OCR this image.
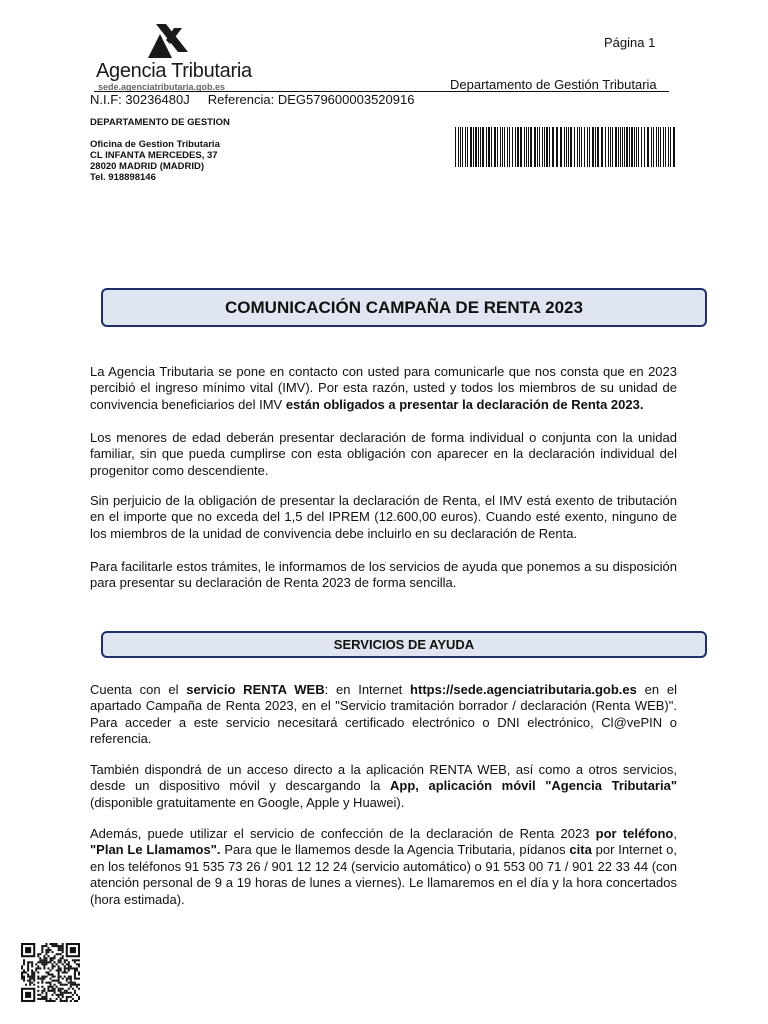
Agencia Tributaria
sede.agenciatributaria.gob.es
Página 1
Departamento de Gestión Tributaria
N.I.F: 30236480J Referencia: DEG579600003520916
DEPARTAMENTO DE GESTION
Oficina de Gestion Tributaria
CL INFANTA MERCEDES, 37
28020 MADRID (MADRID)
Tel. 918898146
COMUNICACIÓN CAMPAÑA DE RENTA 2023

La Agencia Tributaria se pone en contacto con usted para comunicarle que nos consta que en 2023 percibió el ingreso mínimo vital (IMV). Por esta razón, usted y todos los miembros de su unidad de convivencia beneficiarios del IMV están obligados a presentar la declaración de Renta 2023.

Los menores de edad deberán presentar declaración de forma individual o conjunta con la unidad familiar, sin que pueda cumplirse con esta obligación con aparecer en la declaración individual del progenitor como descendiente.

Sin perjuicio de la obligación de presentar la declaración de Renta, el IMV está exento de tributación en el importe que no exceda del 1,5 del IPREM (12.600,00 euros). Cuando esté exento, ninguno de los miembros de la unidad de convivencia debe incluirlo en su declaración de Renta.

Para facilitarle estos trámites, le informamos de los servicios de ayuda que ponemos a su disposición para presentar su declaración de Renta 2023 de forma sencilla.

SERVICIOS DE AYUDA

Cuenta con el servicio RENTA WEB: en Internet https://sede.agenciatributaria.gob.es en el apartado Campaña de Renta 2023, en el "Servicio tramitación borrador / declaración (Renta WEB)". Para acceder a este servicio necesitará certificado electrónico o DNI electrónico, Cl@vePIN o referencia.

También dispondrá de un acceso directo a la aplicación RENTA WEB, así como a otros servicios, desde un dispositivo móvil y descargando la App, aplicación móvil "Agencia Tributaria" (disponible gratuitamente en Google, Apple y Huawei).

Además, puede utilizar el servicio de confección de la declaración de Renta 2023 por teléfono, "Plan Le Llamamos". Para que le llamemos desde la Agencia Tributaria, pídanos cita por Internet o, en los teléfonos 91 535 73 26 / 901 12 12 24 (servicio automático) o 91 553 00 71 / 901 22 33 44 (con atención personal de 9 a 19 horas de lunes a viernes). Le llamaremos en el día y la hora concertados (hora estimada).
